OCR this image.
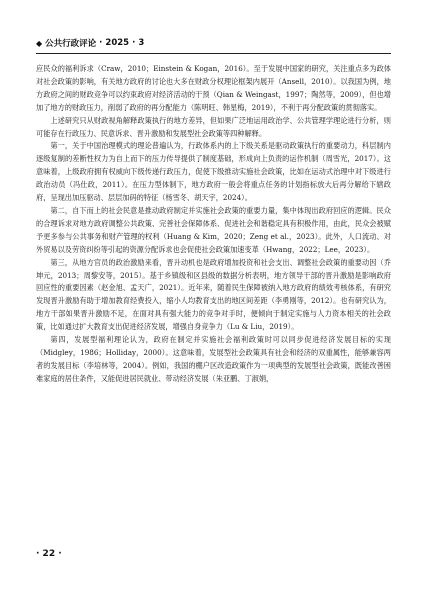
◆ 公共行政评论 · 2025 · 3

应民众的福利诉求（Craw，2010；Einstein & Kogan，2016）。至于发展中国家的研究，关注重点多为政体对社会政策的影响，有关地方政府的讨论也大多在财政分权理论框架内展开（Ansell，2010）。以我国为例，地方政府之间的财政竞争可以约束政府对经济活动的干预（Qian & Weingast，1997；陶然等，2009），但也增加了地方的财政压力，削弱了政府的再分配能力（陈明旺、韩星梅，2019），不利于再分配政策的贯彻落实。

上述研究只从财政视角解释政策执行的地方差异，但如果广泛地运用政治学、公共管理学理论进行分析，则可能存在行政压力、民意诉求、晋升激励和发展型社会政策等四种解释。

第一，关于中国治理模式的理论普遍认为，行政体系内的上下级关系是驱动政策执行的重要动力，科层制内逐级复制的差断性权力为自上而下的压力传导提供了制度基础，形成向上负责的运作机制（周雪光，2017）。这意味着，上级政府拥有权威向下级传递行政压力，促使下级推动实施社会政策，比如在运动式治理中对下级进行政治动员（冯仕政，2011）。在压力型体制下，地方政府一般会将重点任务的计划指标放大后再分解给下辖政府，呈现出加压驱动、层层加码的特征（杨雪冬、胡天宇，2024）。

第二，自下而上的社会民意是推动政府制定并实施社会政策的重要力量，集中体现出政府回应的逻辑。民众的合理诉求对地方政府调整公共政策、完善社会保障体系、促进社会和谐稳定具有积极作用，由此，民众会被赋予更多参与公共事务和财产管理的权利（Huang & Kim，2020；Zeng et al.，2023）。此外，人口流动、对外贸易以及劳资纠纷等引起的资源分配诉求也会促使社会政策加速变革（Hwang，2022；Lee，2023）。

第三，从地方官员的政治激励来看，晋升动机也是政府增加投资和社会支出、调整社会政策的重要动因（乔坤元，2013；周黎安等，2015）。基于乡镇级和区县级的数据分析表明，地方领导干部的晋升激励是影响政府回应性的重要因素（赵金旭、孟天广，2021）。近年来，随着民生保障被纳入地方政府的绩效考核体系，有研究发现晋升激励有助于增加教育经费投入，缩小人均教育支出的地区间差距（李勇刚等，2012）。也有研究认为，地方干部如果晋升激励不足，在面对具有强大能力的竞争对手时，便倾向于制定实施与人力资本相关的社会政策，比如通过扩大教育支出促进经济发展，增强自身竞争力（Lu & Liu，2019）。

第四，发展型福利理论认为，政府在制定并实施社会福利政策时可以同步促进经济发展目标的实现（Midgley，1986；Holliday，2000）。这意味着，发展型社会政策具有社会和经济的双重属性，能够兼容两者的发展目标（李培林等，2004）。例如，我国的棚户区改造政策作为一项典型的发展型社会政策，既能改善困难家庭的居住条件，又能促进居民就业、带动经济发展（朱亚鹏、丁淑娟，

· 22 ·
